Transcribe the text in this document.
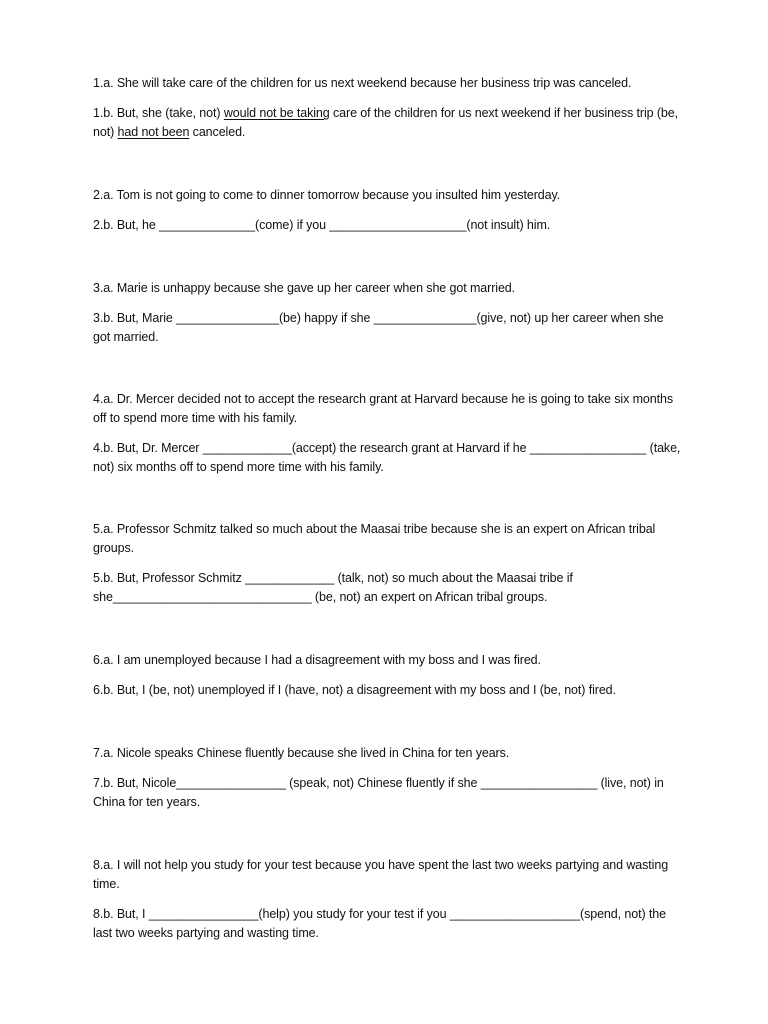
1.a. She will take care of the children for us next weekend because her business trip was canceled.

1.b. But, she (take, not) would not be taking care of the children for us next weekend if her business trip (be, not) had not been canceled.

2.a. Tom is not going to come to dinner tomorrow because you insulted him yesterday.

2.b. But, he ______________(come) if you ____________________(not insult) him.

3.a. Marie is unhappy because she gave up her career when she got married.

3.b. But, Marie _______________(be) happy if she _______________(give, not) up her career when she got married.

4.a. Dr. Mercer decided not to accept the research grant at Harvard because he is going to take six months off to spend more time with his family.

4.b. But, Dr. Mercer _____________(accept) the research grant at Harvard if he _________________ (take, not) six months off to spend more time with his family.

5.a. Professor Schmitz talked so much about the Maasai tribe because she is an expert on African tribal groups.

5.b. But, Professor Schmitz _____________ (talk, not) so much about the Maasai tribe if she_____________________________ (be, not) an expert on African tribal groups.

6.a. I am unemployed because I had a disagreement with my boss and I was fired.

6.b. But, I (be, not) unemployed if I (have, not) a disagreement with my boss and I (be, not) fired.

7.a. Nicole speaks Chinese fluently because she lived in China for ten years.

7.b. But, Nicole________________ (speak, not) Chinese fluently if she _________________ (live, not) in China for ten years.

8.a. I will not help you study for your test because you have spent the last two weeks partying and wasting time.

8.b. But, I ________________(help) you study for your test if you ___________________(spend, not) the last two weeks partying and wasting time.
